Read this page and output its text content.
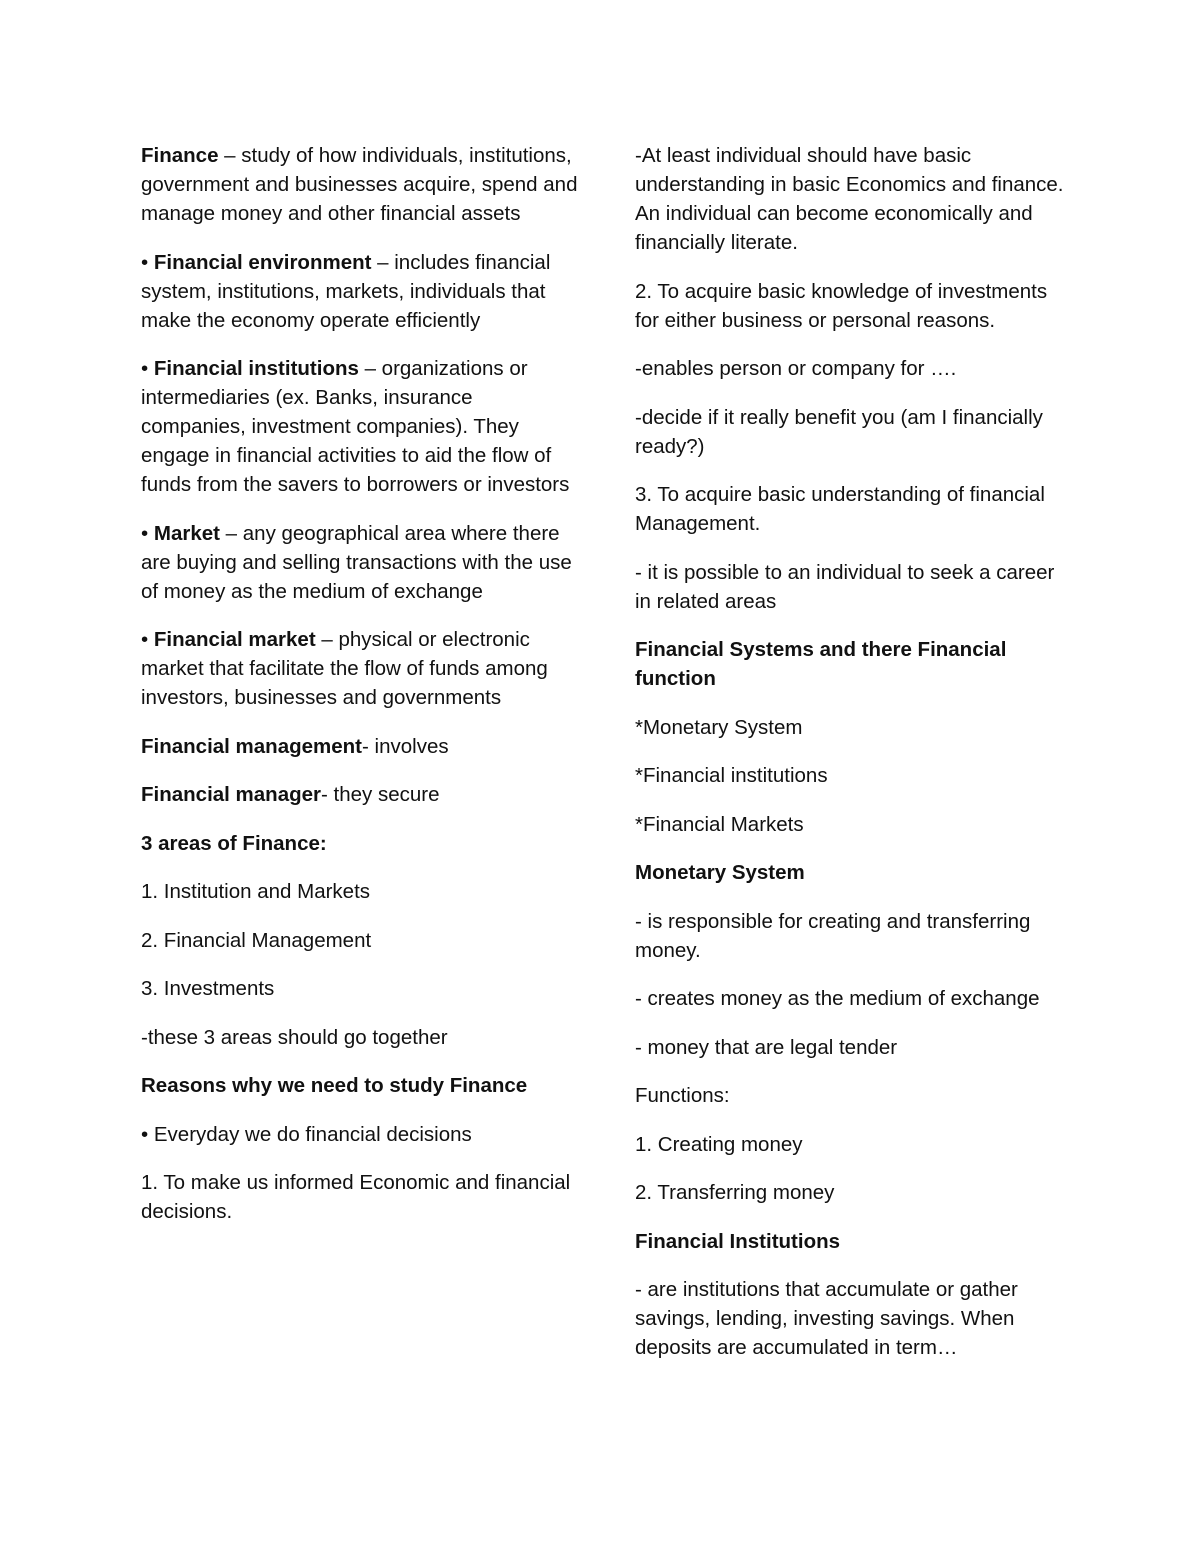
Finance – study of how individuals, institutions, government and businesses acquire, spend and manage money and other financial assets

• Financial environment – includes financial system, institutions, markets, individuals that make the economy operate efficiently

• Financial institutions – organizations or intermediaries (ex. Banks, insurance companies, investment companies). They engage in financial activities to aid the flow of funds from the savers to borrowers or investors

• Market – any geographical area where there are buying and selling transactions with the use of money as the medium of exchange

• Financial market – physical or electronic market that facilitate the flow of funds among investors, businesses and governments

Financial management- involves

Financial manager- they secure

3 areas of Finance:

1. Institution and Markets

2. Financial Management

3. Investments

-these 3 areas should go together

Reasons why we need to study Finance

• Everyday we do financial decisions

1. To make us informed Economic and financial decisions.

-At least individual should have basic understanding in basic Economics and finance. An individual can become economically and financially literate.

2. To acquire basic knowledge of investments for either business or personal reasons.

-enables person or company for ….

-decide if it really benefit you (am I financially ready?)

3. To acquire basic understanding of financial Management.

- it is possible to an individual to seek a career in related areas

Financial Systems and there Financial function

*Monetary System

*Financial institutions

*Financial Markets

Monetary System

- is responsible for creating and transferring money.

- creates money as the medium of exchange

- money that are legal tender

Functions:

1. Creating money

2. Transferring money

Financial Institutions

- are institutions that accumulate or gather savings, lending, investing savings. When deposits are accumulated in term…
